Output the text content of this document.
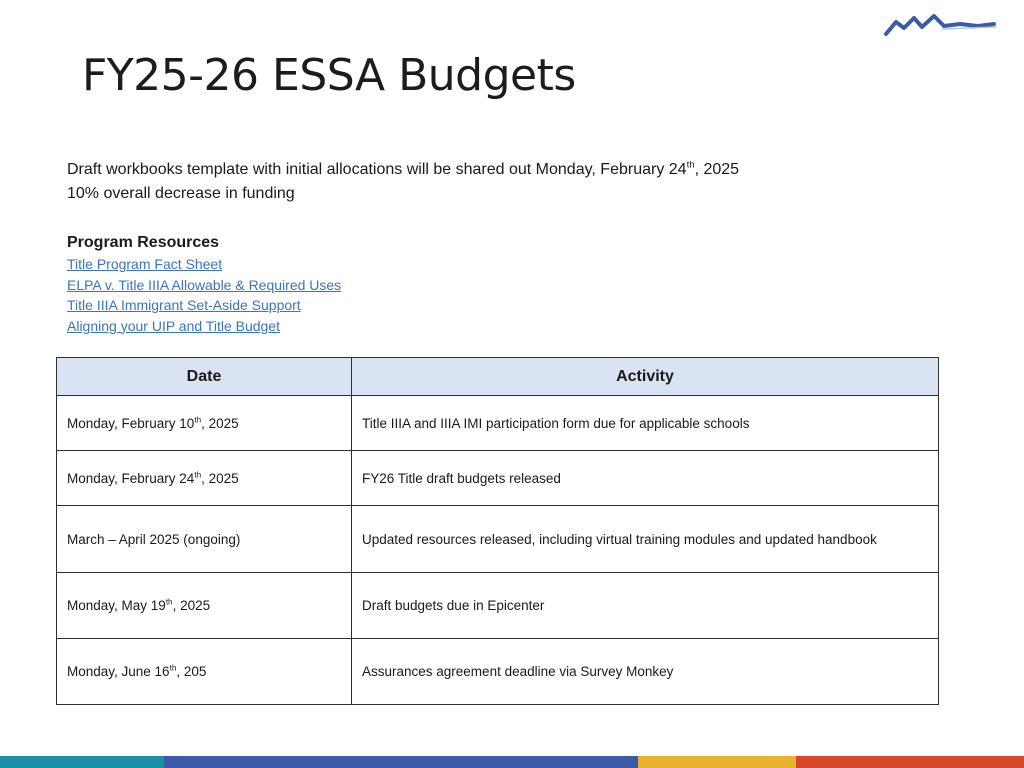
FY25-26 ESSA Budgets
Draft workbooks template with initial allocations will be shared out Monday, February 24th, 2025
10% overall decrease in funding
Program Resources
Title Program Fact Sheet
ELPA v. Title IIIA Allowable & Required Uses
Title IIIA Immigrant Set-Aside Support
Aligning your UIP and Title Budget
Date	Activity
Monday, February 10th, 2025	Title IIIA and IIIA IMI participation form due for applicable schools
Monday, February 24th, 2025	FY26 Title draft budgets released
March – April 2025 (ongoing)	Updated resources released, including virtual training modules and updated handbook
Monday, May 19th, 2025	Draft budgets due in Epicenter
Monday, June 16th, 205	Assurances agreement deadline via Survey Monkey
